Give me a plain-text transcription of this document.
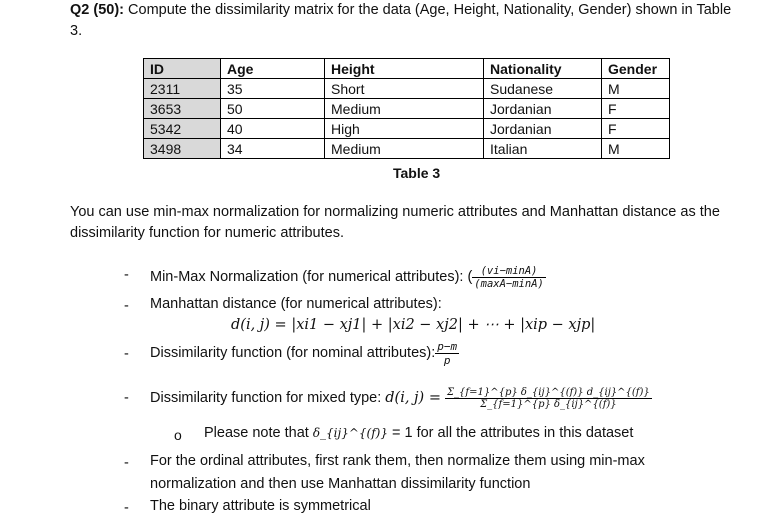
Q2 (50): Compute the dissimilarity matrix for the data (Age, Height, Nationality, Gender) shown in Table
3.
ID	Age	Height	Nationality	Gender
2311	35	Short	Sudanese	M
3653	50	Medium	Jordanian	F
5342	40	High	Jordanian	F
3498	34	Medium	Italian	M
Table 3
You can use min-max normalization for normalizing numeric attributes and Manhattan distance as the
dissimilarity function for numeric attributes.
- Min-Max Normalization (for numerical attributes): ( $\frac{(vi-\min A)}{(\max A-\min A)}$
- Manhattan distance (for numerical attributes):
d(i, j) = |xi1 − xj1| + |xi2 − xj2| + ⋯ + |xip − xjp|
- Dissimilarity function (for nominal attributes): $\frac{p-m}{p}$
- Dissimilarity function for mixed type: d(i, $j) = \frac{\Sigma\_\{f=1\}\^{}\{p\} \delta\_\{ij\}\^{}\{(f)\} d\_\{ij\}\^{}\{(f)\}}{\Sigma\_\{f=1\}\^{}\{p\} \delta\_\{ij\}\^{}\{(f)\}}$
o Please note that δ_{ij}^{(f)} = 1 for all the attributes in this dataset
- For the ordinal attributes, first rank them, then normalize them using min-max
normalization and then use Manhattan dissimilarity function
- The binary attribute is symmetrical
